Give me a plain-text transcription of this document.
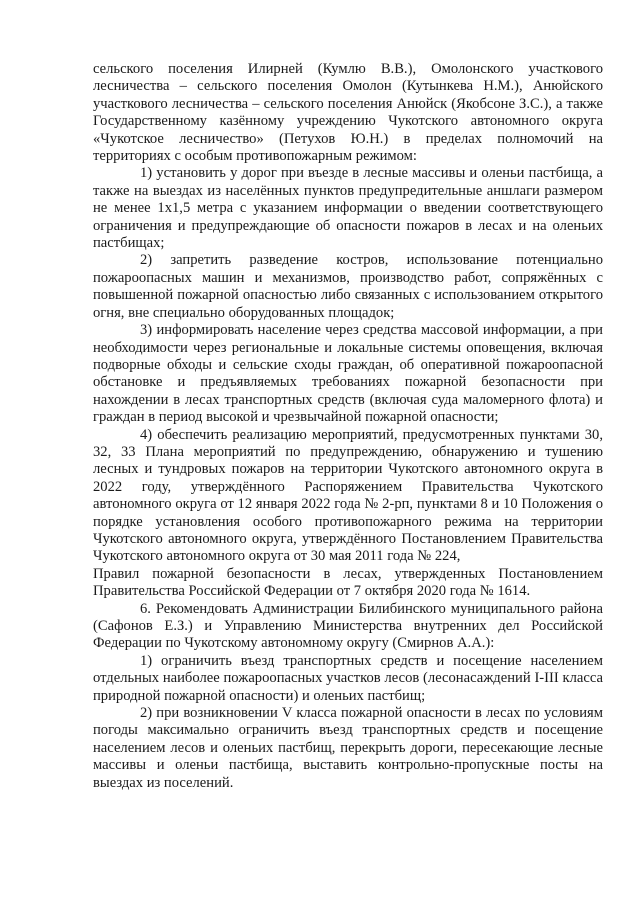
сельского поселения Илирней (Кумлю В.В.), Омолонского участкового лесничества – сельского поселения Омолон (Кутынкева Н.М.), Анюйского участкового лесничества – сельского поселения Анюйск (Якобсоне З.С.), а также Государственному казённому учреждению Чукотского автономного округа «Чукотское лесничество» (Петухов Ю.Н.) в пределах полномочий на территориях с особым противопожарным режимом:

1) установить у дорог при въезде в лесные массивы и оленьи пастбища, а также на выездах из населённых пунктов предупредительные аншлаги размером не менее 1х1,5 метра с указанием информации о введении соответствующего ограничения и предупреждающие об опасности пожаров в лесах и на оленьих пастбищах;

2) запретить разведение костров, использование потенциально пожароопасных машин и механизмов, производство работ, сопряжённых с повышенной пожарной опасностью либо связанных с использованием открытого огня, вне специально оборудованных площадок;

3) информировать население через средства массовой информации, а при необходимости через региональные и локальные системы оповещения, включая подворные обходы и сельские сходы граждан, об оперативной пожароопасной обстановке и предъявляемых требованиях пожарной безопасности при нахождении в лесах транспортных средств (включая суда маломерного флота) и граждан в период высокой и чрезвычайной пожарной опасности;

4) обеспечить реализацию мероприятий, предусмотренных пунктами 30, 32, 33 Плана мероприятий по предупреждению, обнаружению и тушению лесных и тундровых пожаров на территории Чукотского автономного округа в 2022 году, утверждённого Распоряжением Правительства Чукотского автономного округа от 12 января 2022 года № 2-рп, пунктами 8 и 10 Положения о порядке установления особого противопожарного режима на территории Чукотского автономного округа, утверждённого Постановлением Правительства Чукотского автономного округа от 30 мая 2011 года № 224,

Правил пожарной безопасности в лесах, утвержденных Постановлением Правительства Российской Федерации от 7 октября 2020 года № 1614.

6. Рекомендовать Администрации Билибинского муниципального района (Сафонов Е.З.) и Управлению Министерства внутренних дел Российской Федерации по Чукотскому автономному округу (Смирнов А.А.):

1) ограничить въезд транспортных средств и посещение населением отдельных наиболее пожароопасных участков лесов (лесонасаждений I-III класса природной пожарной опасности) и оленьих пастбищ;

2) при возникновении V класса пожарной опасности в лесах по условиям погоды максимально ограничить въезд транспортных средств и посещение населением лесов и оленьих пастбищ, перекрыть дороги, пересекающие лесные массивы и оленьи пастбища, выставить контрольно-пропускные посты на выездах из поселений.
